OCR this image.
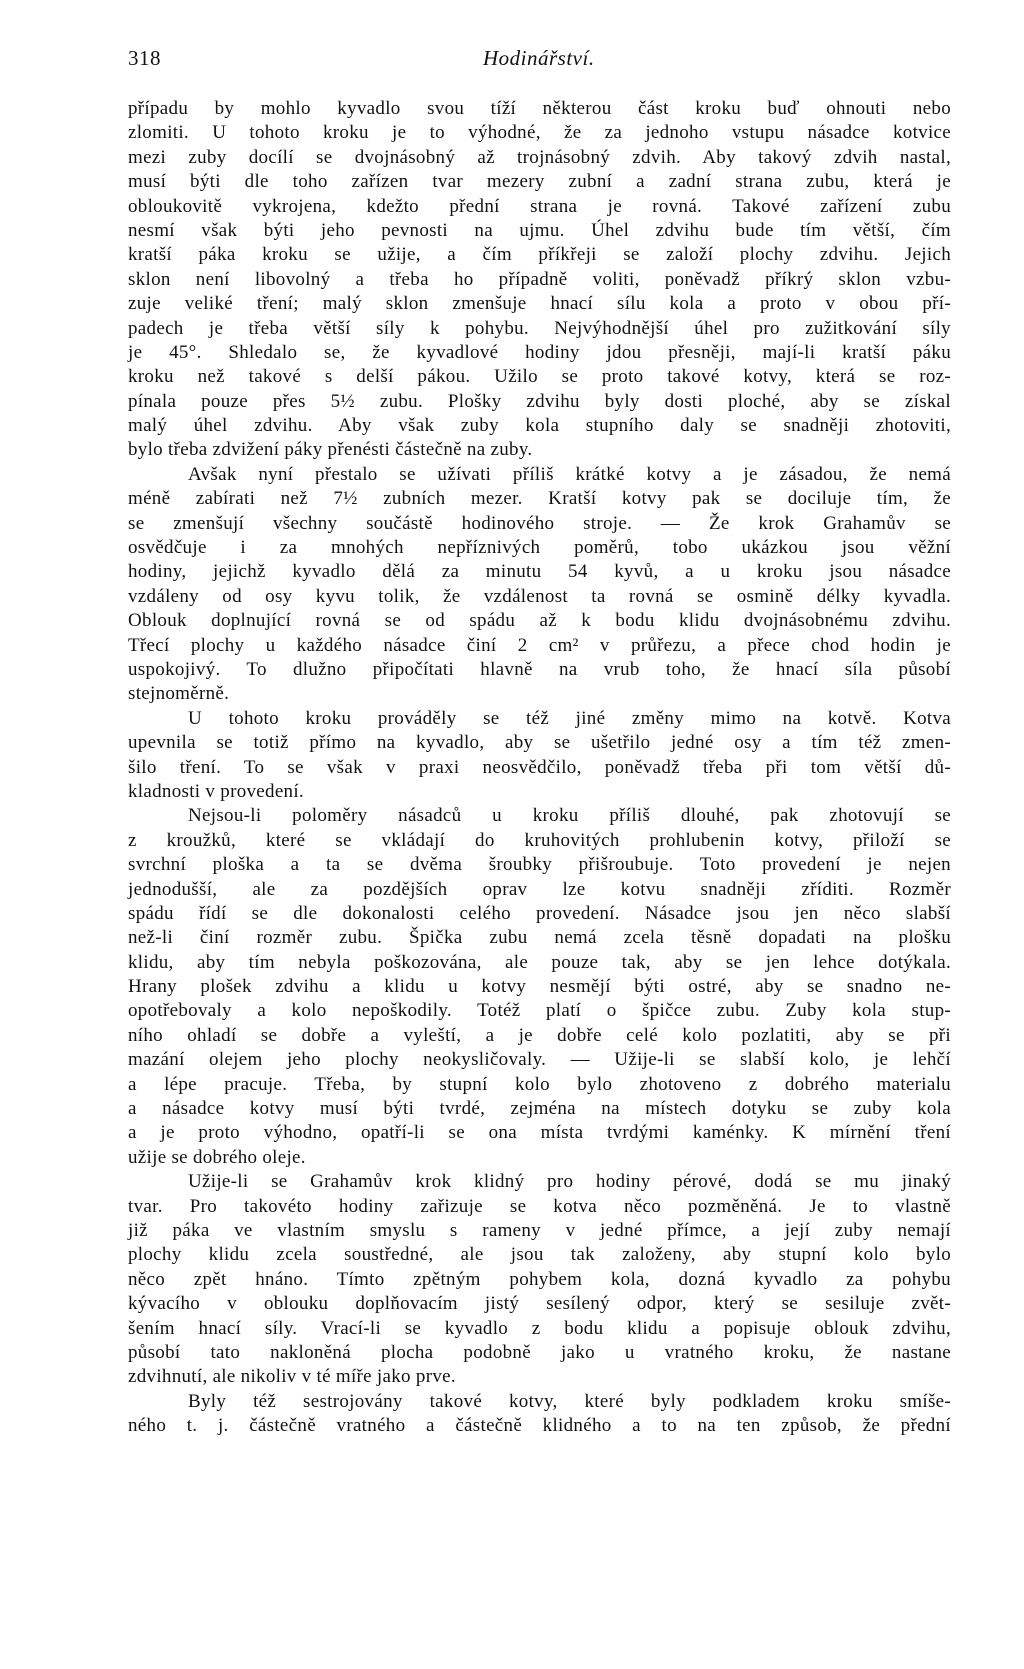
318	Hodinářství.
případu by mohlo kyvadlo svou tíží některou část kroku buď ohnouti nebo
zlomiti. U tohoto kroku je to výhodné, že za jednoho vstupu násadce kotvice
mezi zuby docílí se dvojnásobný až trojnásobný zdvih. Aby takový zdvih nastal,
musí býti dle toho zařízen tvar mezery zubní a zadní strana zubu, která je
obloukovitě vykrojena, kdežto přední strana je rovná. Takové zařízení zubu
nesmí však býti jeho pevnosti na ujmu. Úhel zdvihu bude tím větší, čím
kratší páka kroku se užije, a čím příkřeji se založí plochy zdvihu. Jejich
sklon není libovolný a třeba ho případně voliti, poněvadž příkrý sklon vzbu-
zuje veliké tření; malý sklon zmenšuje hnací sílu kola a proto v obou pří-
padech je třeba větší síly k pohybu. Nejvýhodnější úhel pro zužitkování síly
je 45°. Shledalo se, že kyvadlové hodiny jdou přesněji, mají-li kratší páku
kroku než takové s delší pákou. Užilo se proto takové kotvy, která se roz-
pínala pouze přes 5½ zubu. Plošky zdvihu byly dosti ploché, aby se získal
malý úhel zdvihu. Aby však zuby kola stupního daly se snadněji zhotoviti,
bylo třeba zdvižení páky přenésti částečně na zuby.
Avšak nyní přestalo se užívati příliš krátké kotvy a je zásadou, že nemá
méně zabírati než 7½ zubních mezer. Kratší kotvy pak se dociluje tím, že
se zmenšují všechny součástě hodinového stroje. — Že krok Grahamův se
osvědčuje i za mnohých nepříznivých poměrů, tobo ukázkou jsou věžní
hodiny, jejichž kyvadlo dělá za minutu 54 kyvů, a u kroku jsou násadce
vzdáleny od osy kyvu tolik, že vzdálenost ta rovná se osmině délky kyvadla.
Oblouk doplnující rovná se od spádu až k bodu klidu dvojnásobnému zdvihu.
Třecí plochy u každého násadce činí 2 cm² v průřezu, a přece chod hodin je
uspokojivý. To dlužno připočítati hlavně na vrub toho, že hnací síla působí
stejnoměrně.
U tohoto kroku prováděly se též jiné změny mimo na kotvě. Kotva
upevnila se totiž přímo na kyvadlo, aby se ušetřilo jedné osy a tím též zmen-
šilo tření. To se však v praxi neosvědčilo, poněvadž třeba při tom větší dů-
kladnosti v provedení.
Nejsou-li poloměry násadců u kroku příliš dlouhé, pak zhotovují se
z kroužků, které se vkládají do kruhovitých prohlubenin kotvy, přiloží se
svrchní ploška a ta se dvěma šroubky přišroubuje. Toto provedení je nejen
jednodušší, ale za pozdějších oprav lze kotvu snadněji zříditi. Rozměr
spádu řídí se dle dokonalosti celého provedení. Násadce jsou jen něco slabší
než-li činí rozměr zubu. Špička zubu nemá zcela těsně dopadati na plošku
klidu, aby tím nebyla poškozována, ale pouze tak, aby se jen lehce dotýkala.
Hrany plošek zdvihu a klidu u kotvy nesmějí býti ostré, aby se snadno ne-
opotřebovaly a kolo nepoškodily. Totéž platí o špičce zubu. Zuby kola stup-
ního ohladí se dobře a vyleští, a je dobře celé kolo pozlatiti, aby se při
mazání olejem jeho plochy neokysličovaly. — Užije-li se slabší kolo, je lehčí
a lépe pracuje. Třeba, by stupní kolo bylo zhotoveno z dobrého materialu
a násadce kotvy musí býti tvrdé, zejména na místech dotyku se zuby kola
a je proto výhodno, opatří-li se ona místa tvrdými kaménky. K mírnění tření
užije se dobrého oleje.
Užije-li se Grahamův krok klidný pro hodiny pérové, dodá se mu jinaký
tvar. Pro takovéto hodiny zařizuje se kotva něco pozměněná. Je to vlastně
již páka ve vlastním smyslu s rameny v jedné přímce, a její zuby nemají
plochy klidu zcela soustředné, ale jsou tak založeny, aby stupní kolo bylo
něco zpět hnáno. Tímto zpětným pohybem kola, dozná kyvadlo za pohybu
kývacího v oblouku doplňovacím jistý sesílený odpor, který se sesiluje zvět-
šením hnací síly. Vrací-li se kyvadlo z bodu klidu a popisuje oblouk zdvihu,
působí tato nakloněná plocha podobně jako u vratného kroku, že nastane
zdvihnutí, ale nikoliv v té míře jako prve.
Byly též sestrojovány takové kotvy, které byly podkladem kroku smíše-
ného t. j. částečně vratného a částečně klidného a to na ten způsob, že přední
